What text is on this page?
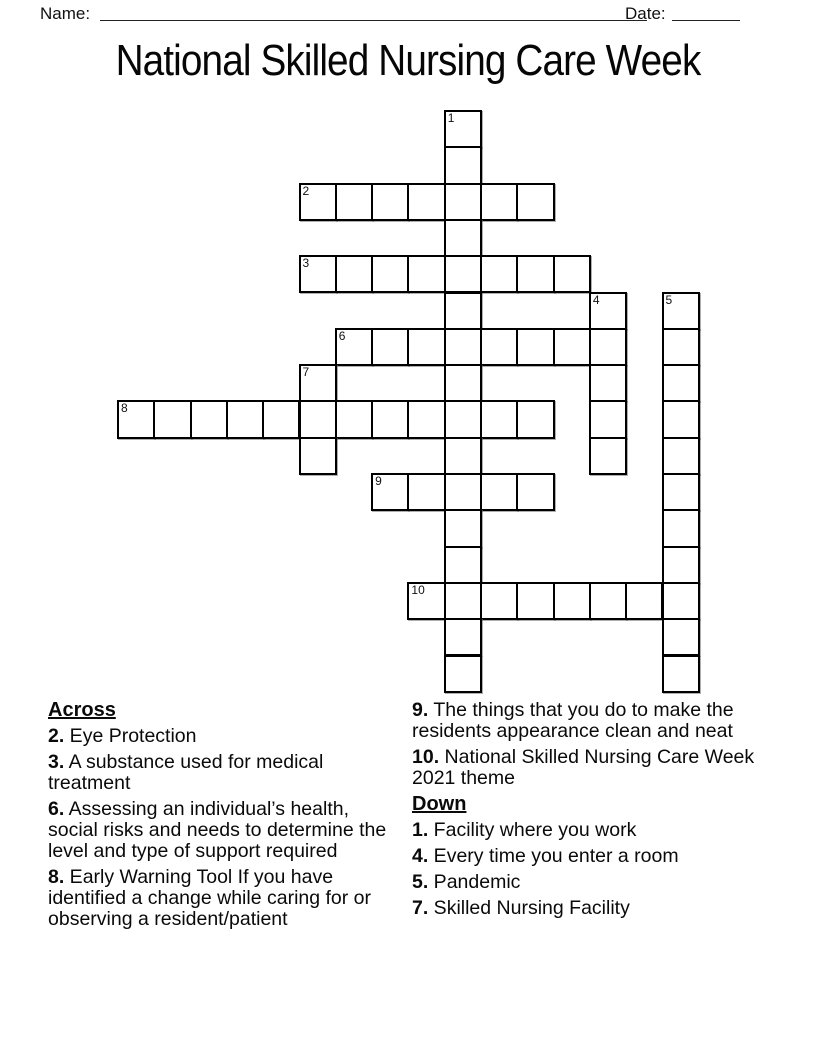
Name:	Date:
National Skilled Nursing Care Week
1
2
3
4	5
6
7
8
9
10
Across
2. Eye Protection
3. A substance used for medical treatment
6. Assessing an individual’s health, social risks and needs to determine the level and type of support required
8. Early Warning Tool If you have identified a change while caring for or observing a resident/patient
9. The things that you do to make the residents appearance clean and neat
10. National Skilled Nursing Care Week 2021 theme
Down
1. Facility where you work
4. Every time you enter a room
5. Pandemic
7. Skilled Nursing Facility
